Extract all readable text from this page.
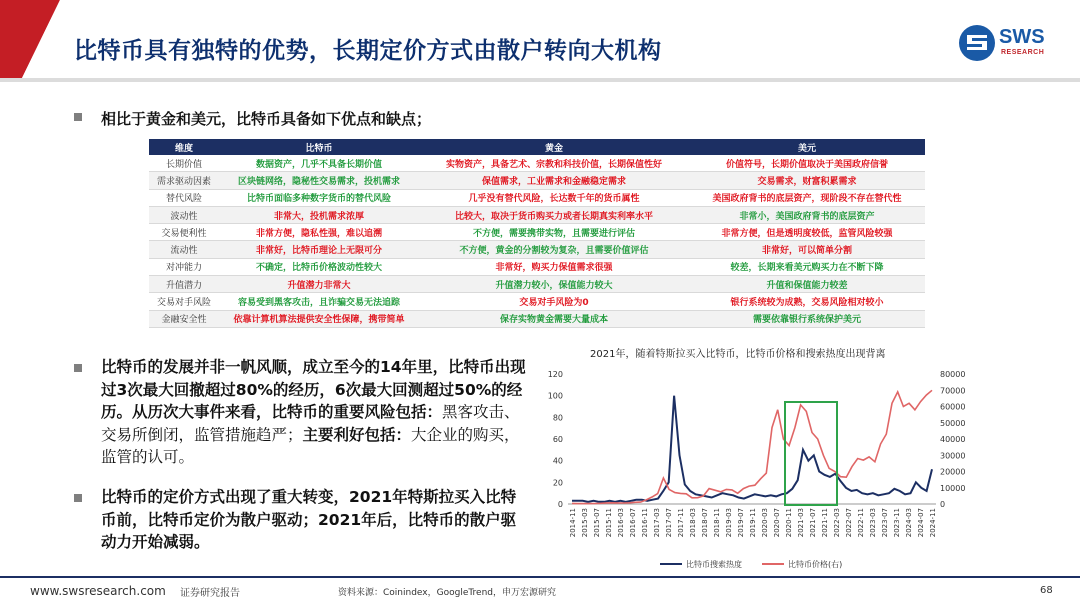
比特币具有独特的优势，长期定价方式由散户转向大机构
SWS
RESEARCH
相比于黄金和美元，比特币具备如下优点和缺点；
维度	比特币	黄金	美元
长期价值	数据资产，几乎不具备长期价值	实物资产，具备艺术、宗教和科技价值，长期保值性好	价值符号，长期价值取决于美国政府信誉
需求驱动因素	区块链网络，隐秘性交易需求，投机需求	保值需求，工业需求和金融稳定需求	交易需求，财富积累需求
替代风险	比特币面临多种数字货币的替代风险	几乎没有替代风险，长达数千年的货币属性	美国政府背书的底层资产，现阶段不存在替代性
波动性	非常大，投机需求浓厚	比较大，取决于货币购买力或者长期真实利率水平	非常小，美国政府背书的底层资产
交易便利性	非常方便，隐私性强，难以追溯	不方便，需要携带实物，且需要进行评估	非常方便，但是透明度较低，监管风险较强
流动性	非常好，比特币理论上无限可分	不方便，黄金的分割较为复杂，且需要价值评估	非常好，可以简单分割
对冲能力	不确定，比特币价格波动性较大	非常好，购买力保值需求很强	较差，长期来看美元购买力在不断下降
升值潜力	升值潜力非常大	升值潜力较小，保值能力较大	升值和保值能力较差
交易对手风险	容易受到黑客攻击，且诈骗交易无法追踪	交易对手风险为0	银行系统较为成熟，交易风险相对较小
金融安全性	依靠计算机算法提供安全性保障，携带简单	保存实物黄金需要大量成本	需要依靠银行系统保护美元
比特币的发展并非一帆风顺，成立至今的14年里，比特币出现过3次最大回撤超过80%的经历，6次最大回测超过50%的经历。从历次大事件来看，比特币的重要风险包括：黑客攻击、交易所倒闭，监管措施趋严；主要利好包括：大企业的购买，监管的认可。
比特币的定价方式出现了重大转变，2021年特斯拉买入比特币前，比特币定价为散户驱动；2021年后，比特币的散户驱动力开始减弱。
2021年，随着特斯拉买入比特币，比特币价格和搜索热度出现背离
0
20
40
60
80
100
120
0
10000
20000
30000
40000
50000
60000
70000
80000
2014-11 2015-03 2015-07 2015-11 2016-03 2016-07 2016-11 2017-03 2017-07 2017-11 2018-03 2018-07 2018-11 2019-03 2019-07 2019-11 2020-03 2020-07 2020-11 2021-03 2021-07 2021-11 2022-03 2022-07 2022-11 2023-03 2023-07 2023-11 2024-03 2024-07 2024-11
比特币搜索热度	比特币价格(右)
www.swsresearch.com 证券研究报告	资料来源：Coinindex，GoogleTrend，申万宏源研究	68
